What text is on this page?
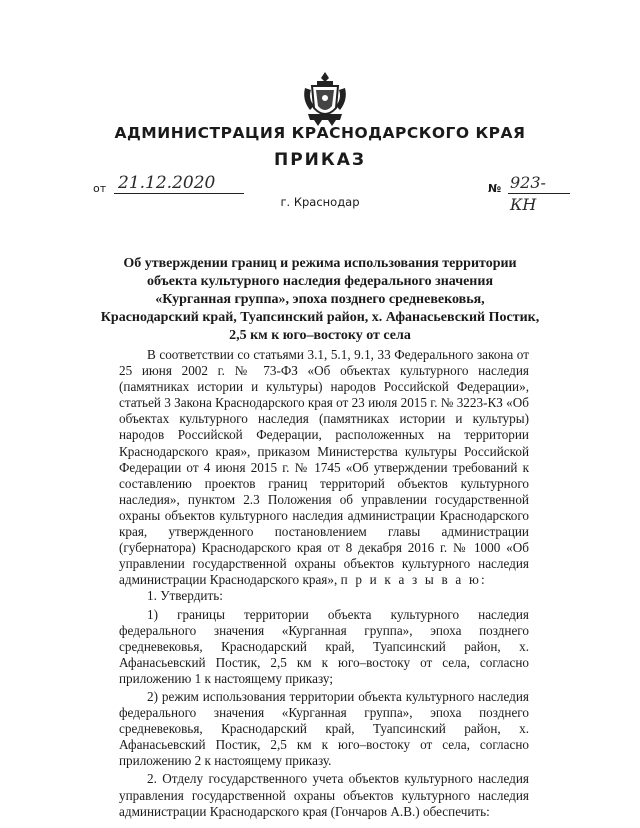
АДМИНИСТРАЦИЯ КРАСНОДАРСКОГО КРАЯ
ПРИКАЗ
от 21.12.2020	№ 923-КН
г. Краснодар
Об утверждении границ и режима использования территории
объекта культурного наследия федерального значения
«Курганная группа», эпоха позднего средневековья,
Краснодарский край, Туапсинский район, х. Афанасьевский Постик,
2,5 км к юго–востоку от села

В соответствии со статьями 3.1, 5.1, 9.1, 33 Федерального закона от 25 июня 2002 г. № 73-ФЗ «Об объектах культурного наследия (памятниках истории и культуры) народов Российской Федерации», статьей 3 Закона Краснодарского края от 23 июля 2015 г. № 3223-КЗ «Об объектах культурного наследия (памятниках истории и культуры) народов Российской Федерации, расположенных на территории Краснодарского края», приказом Министерства культуры Российской Федерации от 4 июня 2015 г. № 1745 «Об утверждении требований к составлению проектов границ территорий объектов культурного наследия», пунктом 2.3 Положения об управлении государственной охраны объектов культурного наследия администрации Краснодарского края, утвержденного постановлением главы администрации (губернатора) Краснодарского края от 8 декабря 2016 г. № 1000 «Об управлении государственной охраны объектов культурного наследия администрации Краснодарского края», п р и к а з ы в а ю:

1. Утвердить:

1) границы территории объекта культурного наследия федерального значения «Курганная группа», эпоха позднего средневековья, Краснодарский край, Туапсинский район, х. Афанасьевский Постик, 2,5 км к юго–востоку от села, согласно приложению 1 к настоящему приказу;

2) режим использования территории объекта культурного наследия федерального значения «Курганная группа», эпоха позднего средневековья, Краснодарский край, Туапсинский район, х. Афанасьевский Постик, 2,5 км к юго–востоку от села, согласно приложению 2 к настоящему приказу.

2. Отделу государственного учета объектов культурного наследия управления государственной охраны объектов культурного наследия администрации Краснодарского края (Гончаров А.В.) обеспечить:
